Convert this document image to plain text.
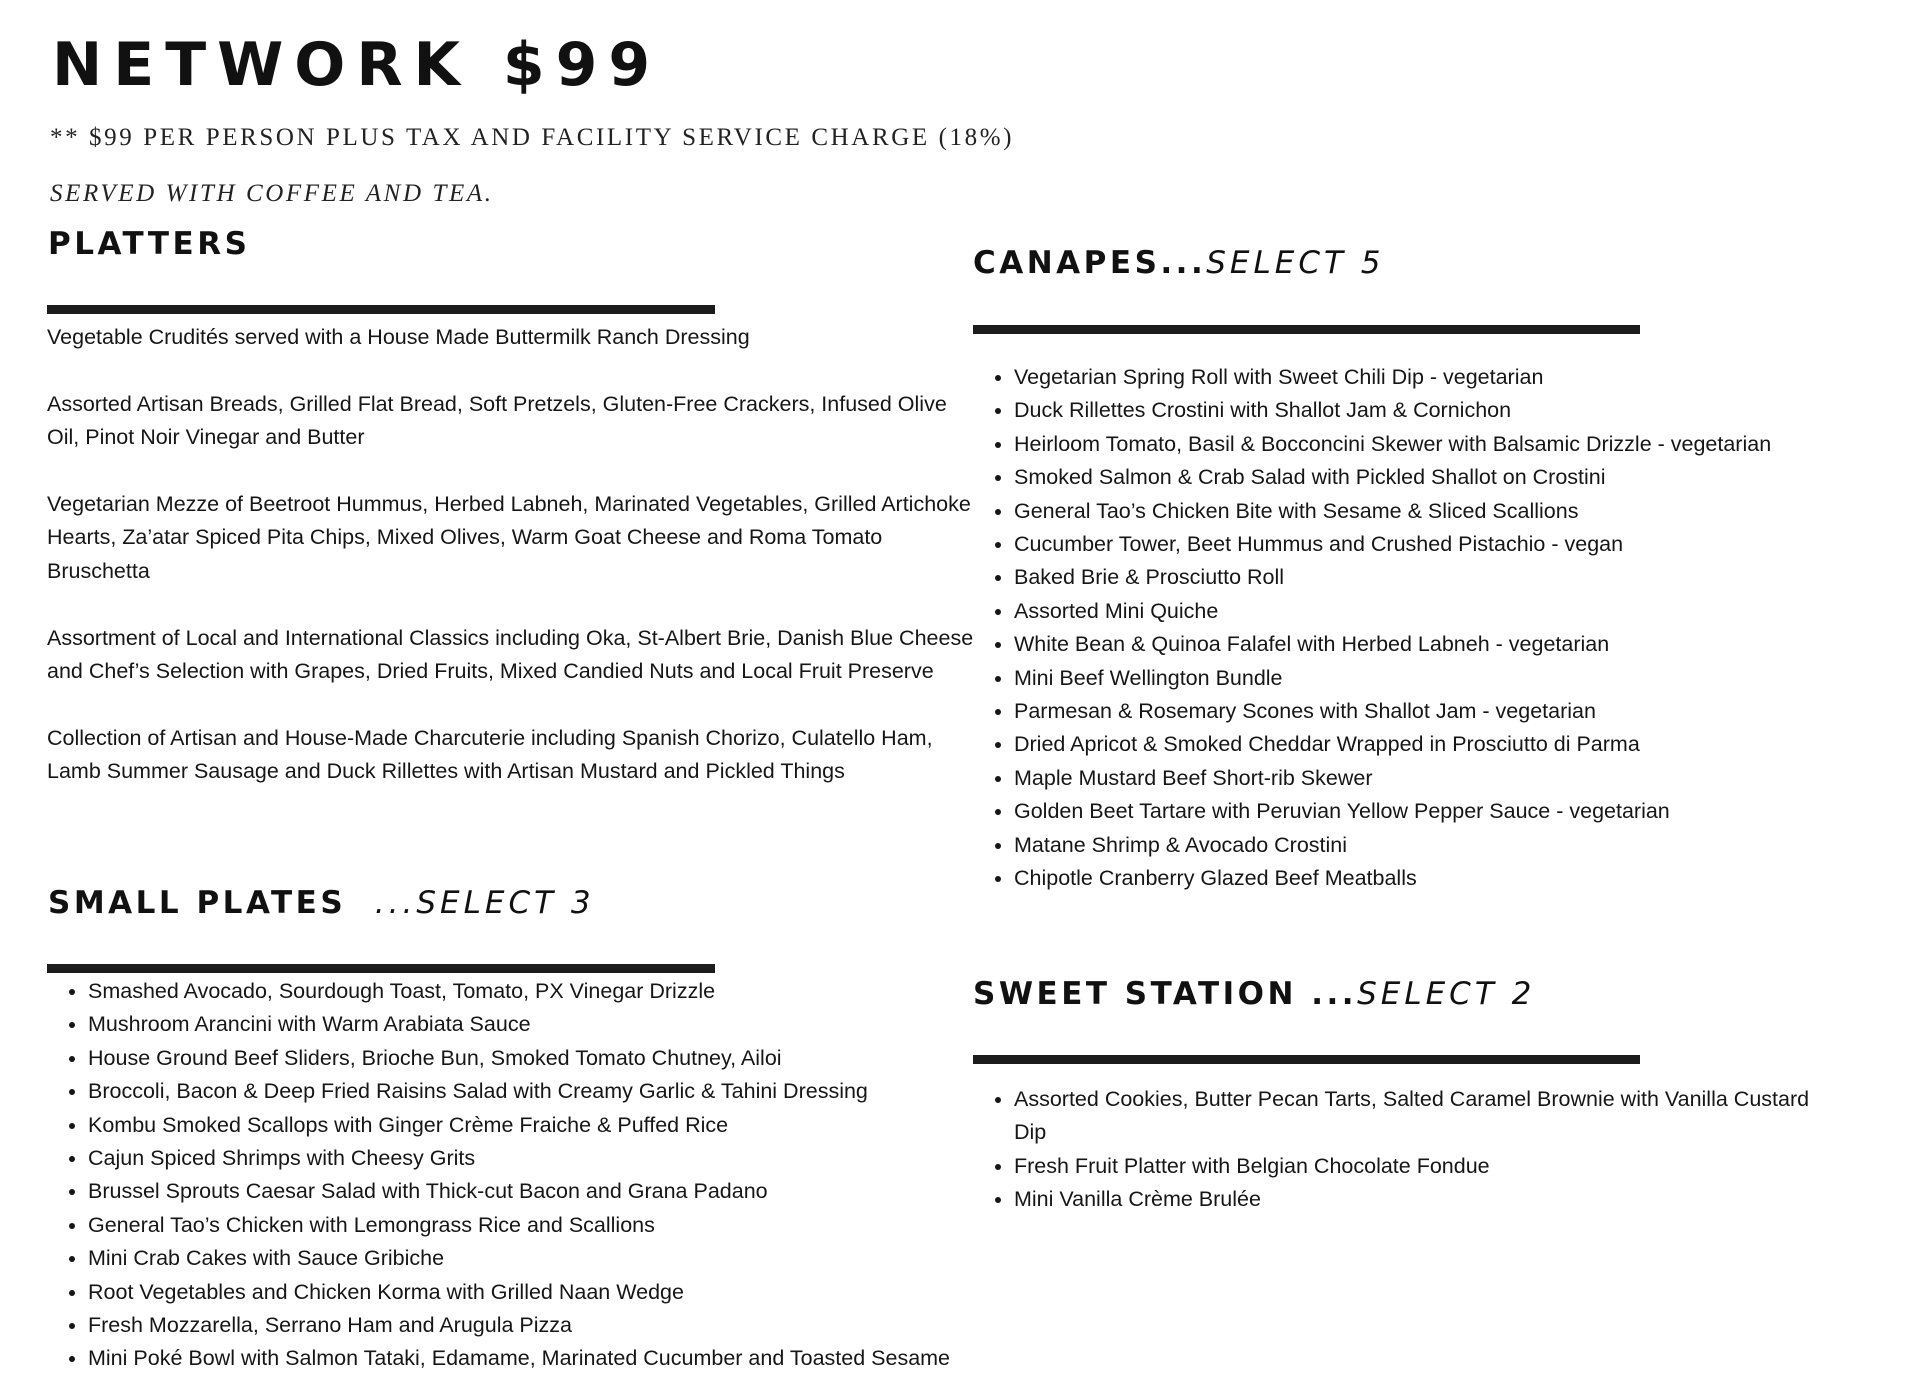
NETWORK $99
** $99 PER PERSON PLUS TAX AND FACILITY SERVICE CHARGE (18%)
SERVED WITH COFFEE AND TEA.
PLATTERS

Vegetable Crudités served with a House Made Buttermilk Ranch Dressing

Assorted Artisan Breads, Grilled Flat Bread, Soft Pretzels, Gluten-Free Crackers, Infused Olive Oil, Pinot Noir Vinegar and Butter

Vegetarian Mezze of Beetroot Hummus, Herbed Labneh, Marinated Vegetables, Grilled Artichoke Hearts, Za’atar Spiced Pita Chips, Mixed Olives, Warm Goat Cheese and Roma Tomato Bruschetta

Assortment of Local and International Classics including Oka, St-Albert Brie, Danish Blue Cheese and Chef’s Selection with Grapes, Dried Fruits, Mixed Candied Nuts and Local Fruit Preserve

Collection of Artisan and House-Made Charcuterie including Spanish Chorizo, Culatello Ham, Lamb Summer Sausage and Duck Rillettes with Artisan Mustard and Pickled Things

SMALL PLATES ...SELECT 3
• Smashed Avocado, Sourdough Toast, Tomato, PX Vinegar Drizzle
• Mushroom Arancini with Warm Arabiata Sauce
• House Ground Beef Sliders, Brioche Bun, Smoked Tomato Chutney, Ailoi
• Broccoli, Bacon & Deep Fried Raisins Salad with Creamy Garlic & Tahini Dressing
• Kombu Smoked Scallops with Ginger Crème Fraiche & Puffed Rice
• Cajun Spiced Shrimps with Cheesy Grits
• Brussel Sprouts Caesar Salad with Thick-cut Bacon and Grana Padano
• General Tao’s Chicken with Lemongrass Rice and Scallions
• Mini Crab Cakes with Sauce Gribiche
• Root Vegetables and Chicken Korma with Grilled Naan Wedge
• Fresh Mozzarella, Serrano Ham and Arugula Pizza
• Mini Poké Bowl with Salmon Tataki, Edamame, Marinated Cucumber and Toasted Sesame
CANAPES...SELECT 5
• Vegetarian Spring Roll with Sweet Chili Dip - vegetarian
• Duck Rillettes Crostini with Shallot Jam & Cornichon
• Heirloom Tomato, Basil & Bocconcini Skewer with Balsamic Drizzle - vegetarian
• Smoked Salmon & Crab Salad with Pickled Shallot on Crostini
• General Tao’s Chicken Bite with Sesame & Sliced Scallions
• Cucumber Tower, Beet Hummus and Crushed Pistachio - vegan
• Baked Brie & Prosciutto Roll
• Assorted Mini Quiche
• White Bean & Quinoa Falafel with Herbed Labneh - vegetarian
• Mini Beef Wellington Bundle
• Parmesan & Rosemary Scones with Shallot Jam - vegetarian
• Dried Apricot & Smoked Cheddar Wrapped in Prosciutto di Parma
• Maple Mustard Beef Short-rib Skewer
• Golden Beet Tartare with Peruvian Yellow Pepper Sauce - vegetarian
• Matane Shrimp & Avocado Crostini
• Chipotle Cranberry Glazed Beef Meatballs
SWEET STATION ...SELECT 2
• Assorted Cookies, Butter Pecan Tarts, Salted Caramel Brownie with Vanilla Custard Dip
• Fresh Fruit Platter with Belgian Chocolate Fondue
• Mini Vanilla Crème Brulée
